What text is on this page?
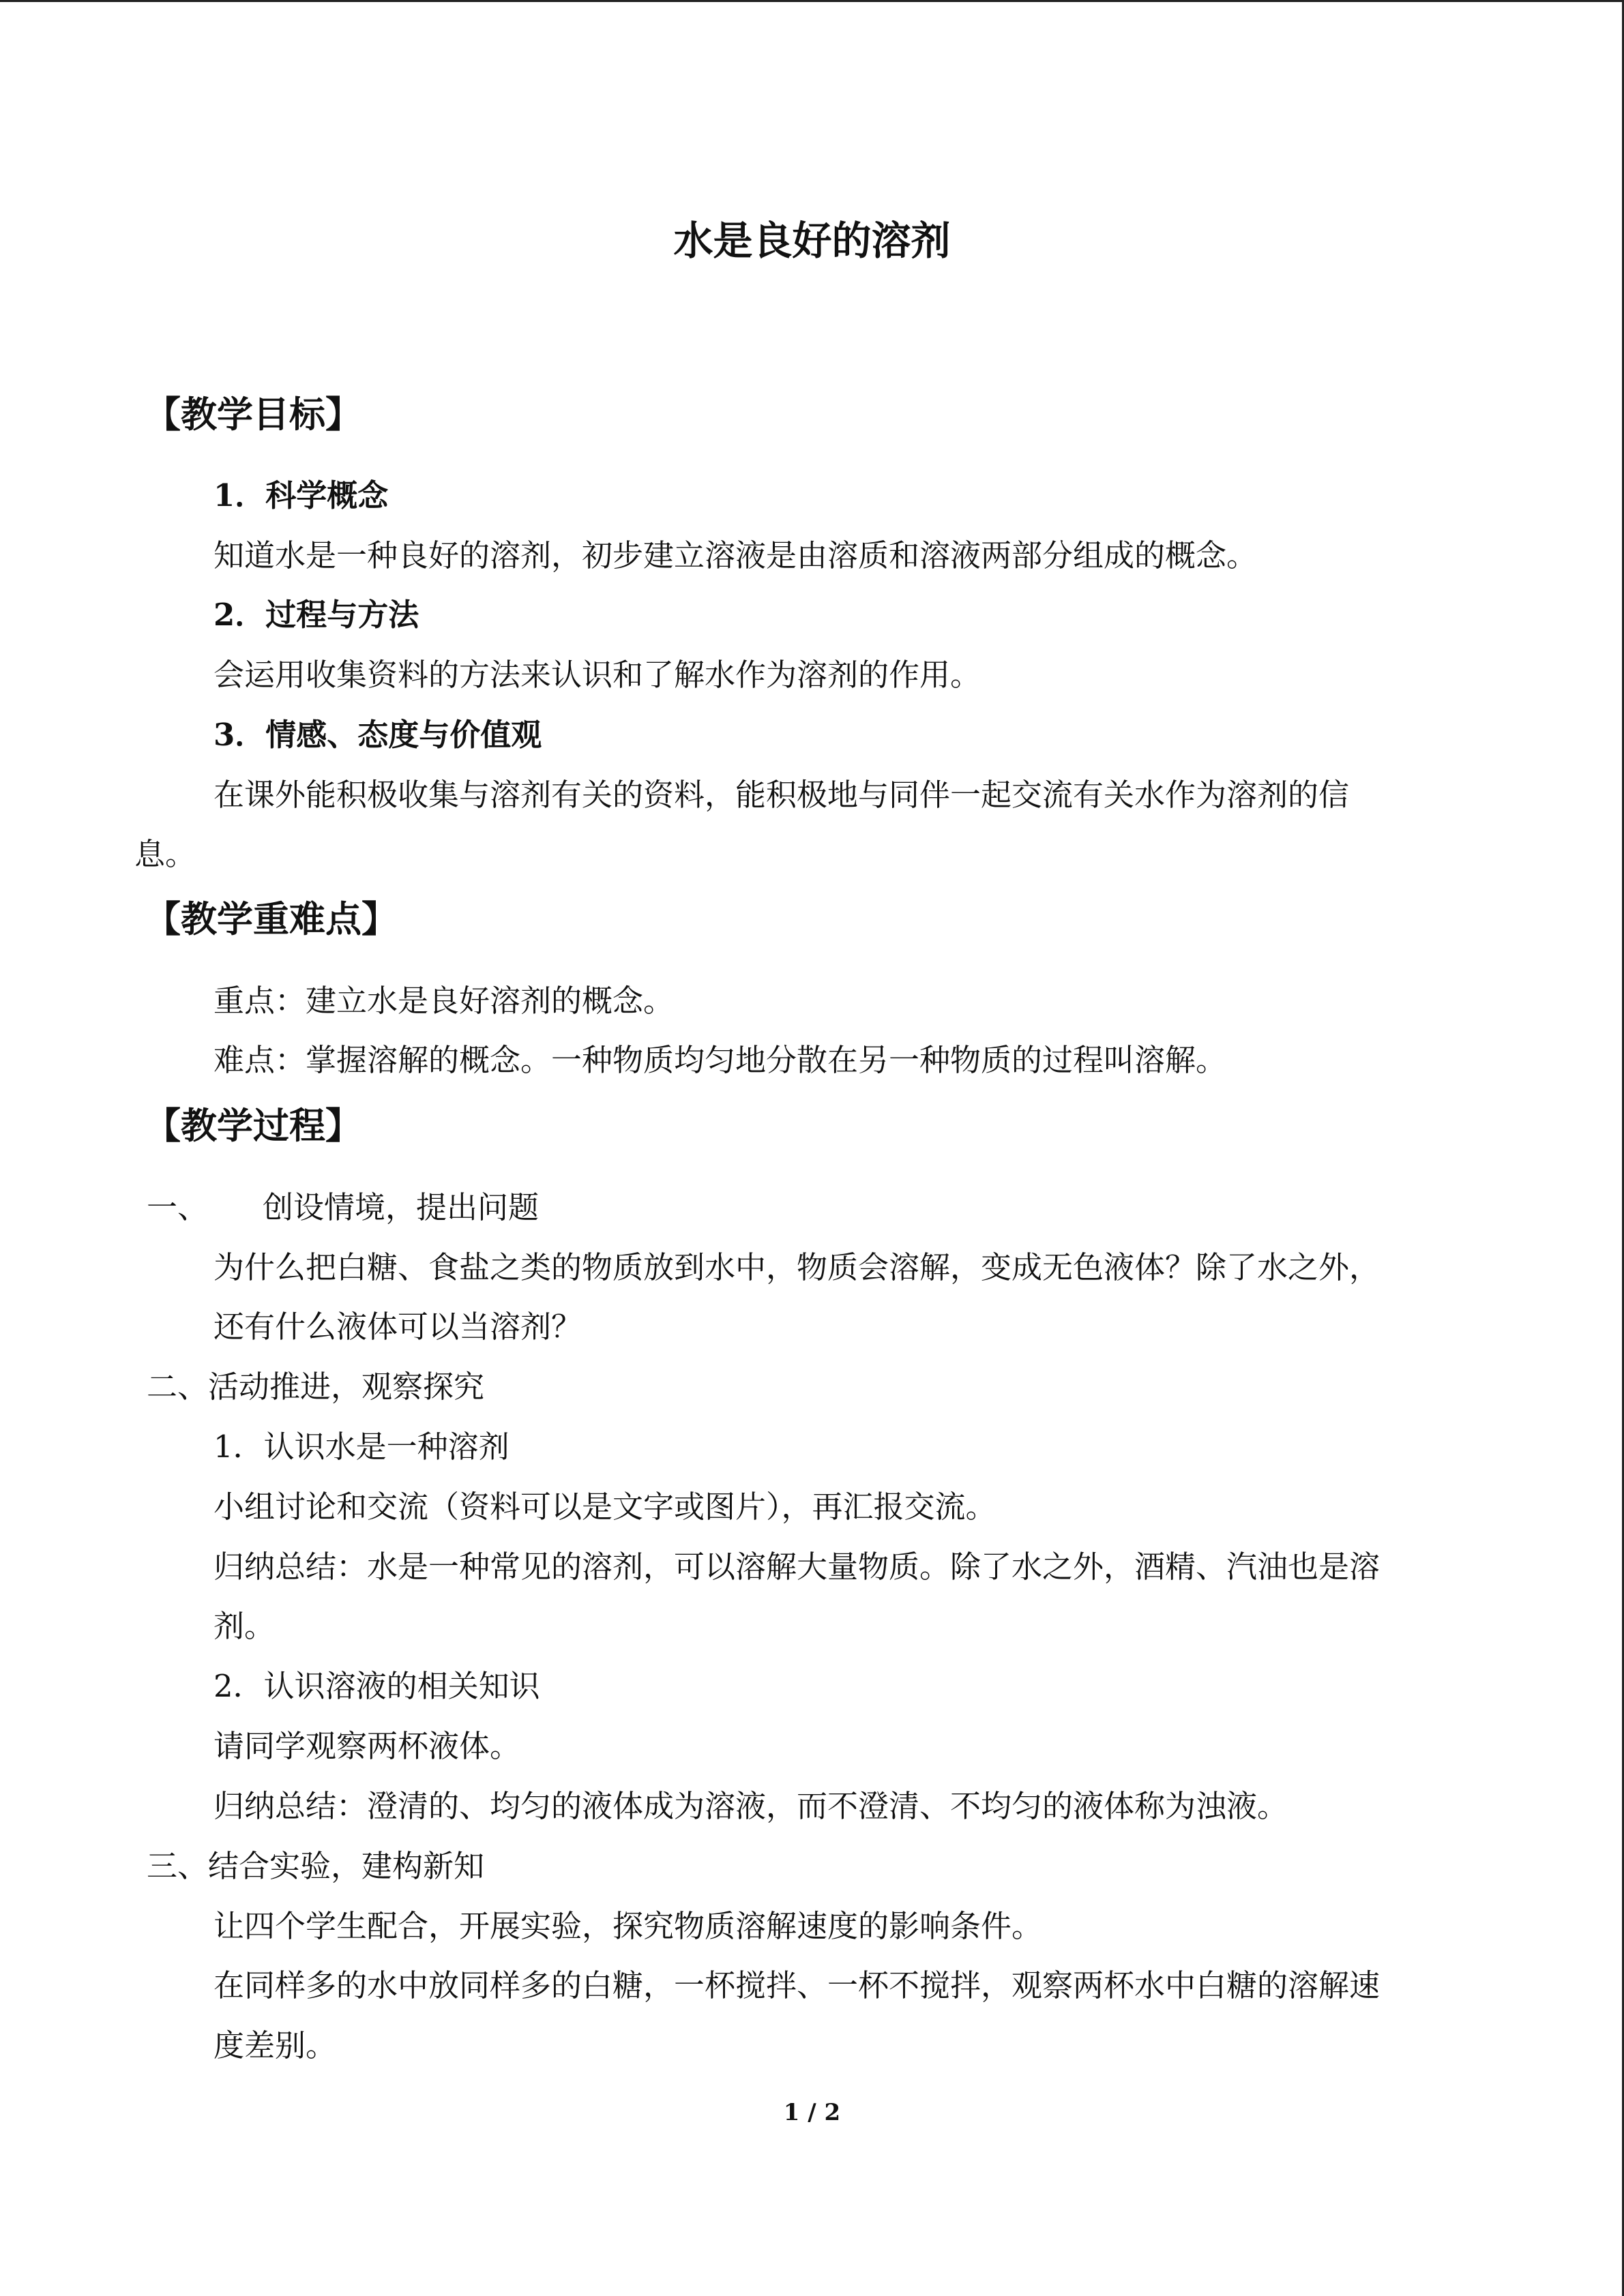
水是良好的溶剂
【教学目标】
1．科学概念
知道水是一种良好的溶剂，初步建立溶液是由溶质和溶液两部分组成的概念。
2．过程与方法
会运用收集资料的方法来认识和了解水作为溶剂的作用。
3．情感、态度与价值观
在课外能积极收集与溶剂有关的资料，能积极地与同伴一起交流有关水作为溶剂的信
息。
【教学重难点】
重点：建立水是良好溶剂的概念。
难点：掌握溶解的概念。一种物质均匀地分散在另一种物质的过程叫溶解。
【教学过程】
一、 创设情境，提出问题
为什么把白糖、食盐之类的物质放到水中，物质会溶解，变成无色液体？除了水之外，
还有什么液体可以当溶剂？
二、活动推进，观察探究
1．认识水是一种溶剂
小组讨论和交流（资料可以是文字或图片），再汇报交流。
归纳总结：水是一种常见的溶剂，可以溶解大量物质。除了水之外，酒精、汽油也是溶
剂。
2．认识溶液的相关知识
请同学观察两杯液体。
归纳总结：澄清的、均匀的液体成为溶液，而不澄清、不均匀的液体称为浊液。
三、结合实验，建构新知
让四个学生配合，开展实验，探究物质溶解速度的影响条件。
在同样多的水中放同样多的白糖，一杯搅拌、一杯不搅拌，观察两杯水中白糖的溶解速
度差别。
1 / 2
